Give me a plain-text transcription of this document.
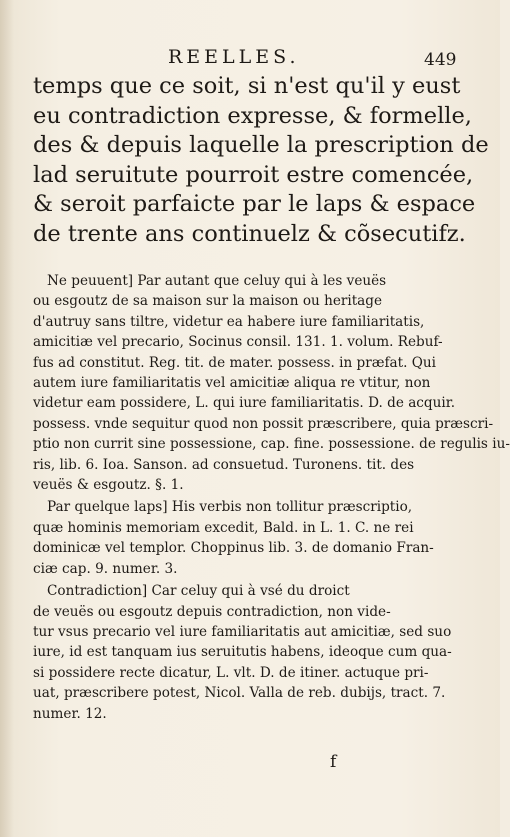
REELLES.	449
temps que ce soit, si n'est qu'il y eust
eu contradiction expresse, & formelle,
des & depuis laquelle la prescription de
lad seruitute pourroit estre comencée,
& seroit parfaicte par le laps & espace
de trente ans continuelz & cõsecutifz.
Ne peuuent] Par autant que celuy qui à les veuës
ou esgoutz de sa maison sur la maison ou heritage
d'autruy sans tiltre, videtur ea habere iure familiaritatis,
amicitiæ vel precario, Socinus consil. 131. 1. volum. Rebuf-
fus ad constitut. Reg. tit. de mater. possess. in præfat. Qui
autem iure familiaritatis vel amicitiæ aliqua re vtitur, non
videtur eam possidere, L. qui iure familiaritatis. D. de acquir.
possess. vnde sequitur quod non possit præscribere, quia præscri-
ptio non currit sine possessione, cap. fine. possessione. de regulis iu-
ris, lib. 6. Ioa. Sanson. ad consuetud. Turonens. tit. des
veuës & esgoutz. §. 1.
Par quelque laps] His verbis non tollitur præscriptio,
quæ hominis memoriam excedit, Bald. in L. 1. C. ne rei
dominicæ vel templor. Choppinus lib. 3. de domanio Fran-
ciæ cap. 9. numer. 3.
Contradiction] Car celuy qui à vsé du droict
de veuës ou esgoutz depuis contradiction, non vide-
tur vsus precario vel iure familiaritatis aut amicitiæ, sed suo
iure, id est tanquam ius seruitutis habens, ideoque cum qua-
si possidere recte dicatur, L. vlt. D. de itiner. actuque pri-
uat, præscribere potest, Nicol. Valla de reb. dubijs, tract. 7.
numer. 12.
f
